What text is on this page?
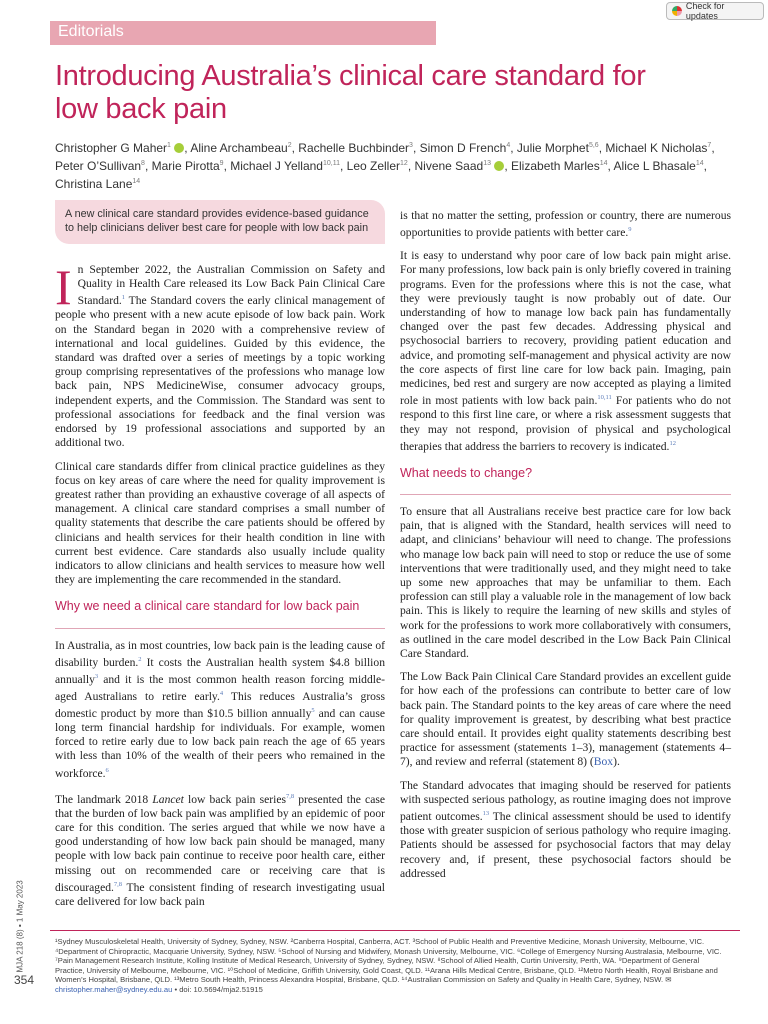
Editorials
Check for updates
Introducing Australia’s clinical care standard for low back pain
Christopher G Maher$^1$ , Aline Archambeau$^2$, Rachelle Buchbinder$^3$, Simon D French$^4$, Julie Morphet$^{5,6}$, Michael K Nicholas$^7$, Peter O’Sullivan$^8$, Marie Pirotta$^9$, Michael J Yelland$^{10,11}$, Leo Zeller$^{12}$, Nivene Saad$^{13}$ , Elizabeth Marles$^{14}$, Alice L Bhasale$^{14}$, Christina Lane$^{14}$
A new clinical care standard provides evidence-based guidance to help clinicians deliver best care for people with low back pain

In September 2022, the Australian Commission on Safety and Quality in Health Care released its Low Back Pain Clinical Care Standard.$^1$ The Standard covers the early clinical management of people who present with a new acute episode of low back pain. Work on the Standard began in 2020 with a comprehensive review of international and local guidelines. Guided by this evidence, the standard was drafted over a series of meetings by a topic working group comprising representatives of the professions who manage low back pain, NPS MedicineWise, consumer advocacy groups, independent experts, and the Commission. The Standard was sent to professional associations for feedback and the final version was endorsed by 19 professional associations and supported by an additional two.

Clinical care standards differ from clinical practice guidelines as they focus on key areas of care where the need for quality improvement is greatest rather than providing an exhaustive coverage of all aspects of management. A clinical care standard comprises a small number of quality statements that describe the care patients should be offered by clinicians and health services for their health condition in line with current best evidence. Care standards also usually include quality indicators to allow clinicians and health services to measure how well they are implementing the care recommended in the standard.

Why we need a clinical care standard for low back pain

In Australia, as in most countries, low back pain is the leading cause of disability burden.$^2$ It costs the Australian health system $4.8 billion annually$^3$ and it is the most common health reason forcing middle-aged Australians to retire early.$^4$ This reduces Australia’s gross domestic product by more than $10.5 billion annually$^5$ and can cause long term financial hardship for individuals. For example, women forced to retire early due to low back pain reach the age of 65 years with less than 10% of the wealth of their peers who remained in the workforce.$^6$

The landmark 2018 Lancet low back pain series$^{7,8}$ presented the case that the burden of low back pain was amplified by an epidemic of poor care for this condition. The series argued that while we now have a good understanding of how low back pain should be managed, many people with low back pain continue to receive poor health care, either missing out on recommended care or receiving care that is discouraged.$^{7,8}$ The consistent finding of research investigating usual care delivered for low back pain

is that no matter the setting, profession or country, there are numerous opportunities to provide patients with better care.$^9$

It is easy to understand why poor care of low back pain might arise. For many professions, low back pain is only briefly covered in training programs. Even for the professions where this is not the case, what they were previously taught is now probably out of date. Our understanding of how to manage low back pain has fundamentally changed over the past few decades. Addressing physical and psychosocial barriers to recovery, providing patient education and advice, and promoting self-management and physical activity are now the core aspects of first line care for low back pain. Imaging, pain medicines, bed rest and surgery are now accepted as playing a limited role in most patients with low back pain.$^{10,11}$ For patients who do not respond to this first line care, or where a risk assessment suggests that they may not respond, provision of physical and psychological therapies that address the barriers to recovery is indicated.$^{12}$

What needs to change?

To ensure that all Australians receive best practice care for low back pain, that is aligned with the Standard, health services will need to adapt, and clinicians’ behaviour will need to change. The professions who manage low back pain will need to stop or reduce the use of some interventions that were traditionally used, and they might need to take up some new approaches that may be unfamiliar to them. Each profession can still play a valuable role in the management of low back pain. This is likely to require the learning of new skills and styles of work for the professions to work more collaboratively with consumers, as outlined in the care model described in the Low Back Pain Clinical Care Standard.

The Low Back Pain Clinical Care Standard provides an excellent guide for how each of the professions can contribute to better care of low back pain. The Standard points to the key areas of care where the need for quality improvement is greatest, by describing what best practice care should entail. It provides eight quality statements describing best practice for assessment (statements 1–3), management (statements 4–7), and review and referral (statement 8) (Box).

The Standard advocates that imaging should be reserved for patients with suspected serious pathology, as routine imaging does not improve patient outcomes.$^{13}$ The clinical assessment should be used to identify those with greater suspicion of serious pathology who require imaging. Patients should be assessed for psychosocial factors that may delay recovery and, if present, these psychosocial factors should be addressed

MJA 218 (8) ▪ 1 May 2023
354
¹Sydney Musculoskeletal Health, University of Sydney, Sydney, NSW. ²Canberra Hospital, Canberra, ACT. ³School of Public Health and Preventive Medicine, Monash University, Melbourne, VIC. ⁴Department of Chiropractic, Macquarie University, Sydney, NSW. ⁵School of Nursing and Midwifery, Monash University, Melbourne, VIC. ⁶College of Emergency Nursing Australasia, Melbourne, VIC. ⁷Pain Management Research Institute, Kolling Institute of Medical Research, University of Sydney, Sydney, NSW. ⁸School of Allied Health, Curtin University, Perth, WA. ⁹Department of General Practice, University of Melbourne, Melbourne, VIC. ¹⁰School of Medicine, Griffith University, Gold Coast, QLD. ¹¹Arana Hills Medical Centre, Brisbane, QLD. ¹²Metro North Health, Royal Brisbane and Women’s Hospital, Brisbane, QLD. ¹³Metro South Health, Princess Alexandra Hospital, Brisbane, QLD. ¹⁴Australian Commission on Safety and Quality in Health Care, Sydney, NSW. ✉ christopher.maher@sydney.edu.au • doi: 10.5694/mja2.51915
